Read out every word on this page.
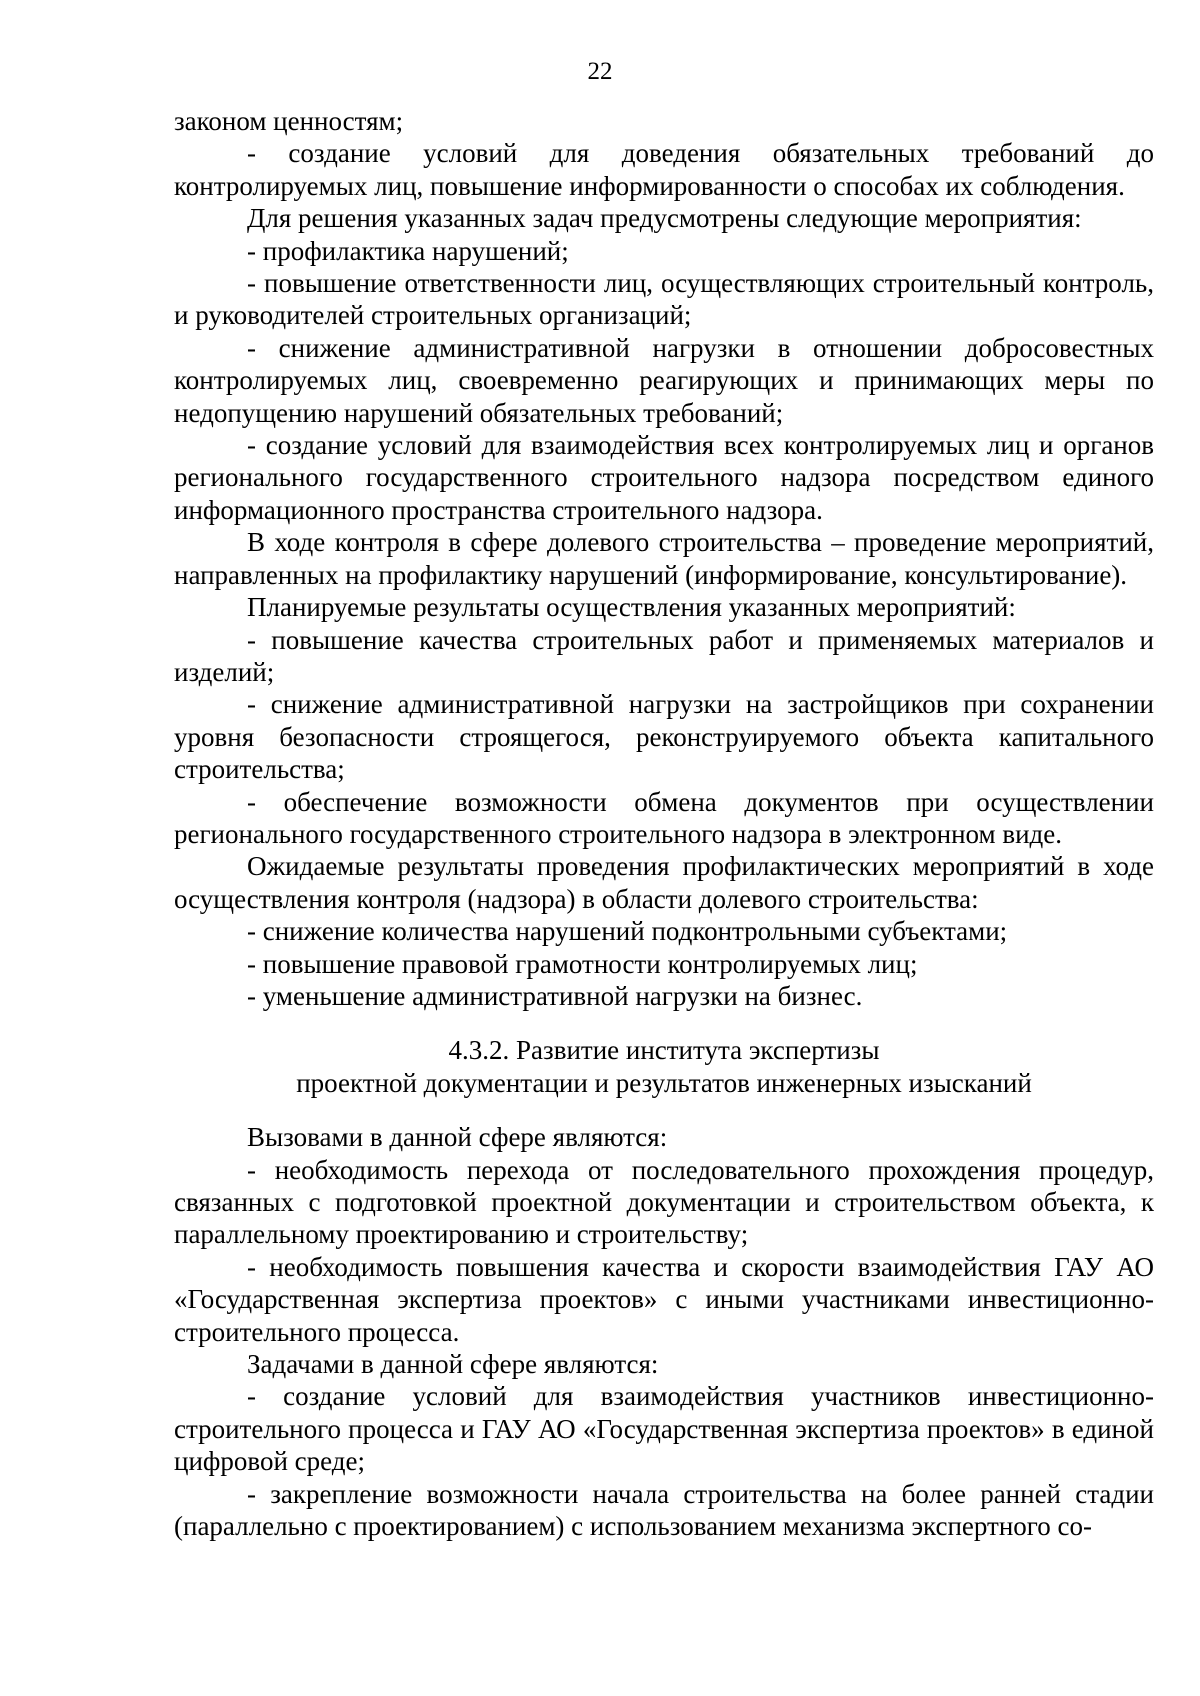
22

законом ценностям;

- создание условий для доведения обязательных требований до контролируемых лиц, повышение информированности о способах их соблюдения.

Для решения указанных задач предусмотрены следующие мероприятия:

- профилактика нарушений;

- повышение ответственности лиц, осуществляющих строительный контроль, и руководителей строительных организаций;

- снижение административной нагрузки в отношении добросовестных контролируемых лиц, своевременно реагирующих и принимающих меры по недопущению нарушений обязательных требований;

- создание условий для взаимодействия всех контролируемых лиц и органов регионального государственного строительного надзора посредством единого информационного пространства строительного надзора.

В ходе контроля в сфере долевого строительства – проведение мероприятий, направленных на профилактику нарушений (информирование, консультирование).

Планируемые результаты осуществления указанных мероприятий:

- повышение качества строительных работ и применяемых материалов и изделий;

- снижение административной нагрузки на застройщиков при сохранении уровня безопасности строящегося, реконструируемого объекта капитального строительства;

- обеспечение возможности обмена документов при осуществлении регионального государственного строительного надзора в электронном виде.

Ожидаемые результаты проведения профилактических мероприятий в ходе осуществления контроля (надзора) в области долевого строительства:

- снижение количества нарушений подконтрольными субъектами;

- повышение правовой грамотности контролируемых лиц;

- уменьшение административной нагрузки на бизнес.

4.3.2. Развитие института экспертизы
проектной документации и результатов инженерных изысканий

Вызовами в данной сфере являются:

- необходимость перехода от последовательного прохождения процедур, связанных с подготовкой проектной документации и строительством объекта, к параллельному проектированию и строительству;

- необходимость повышения качества и скорости взаимодействия ГАУ АО «Государственная экспертиза проектов» с иными участниками инвестиционно-строительного процесса.

Задачами в данной сфере являются:

- создание условий для взаимодействия участников инвестиционно-строительного процесса и ГАУ АО «Государственная экспертиза проектов» в единой цифровой среде;

- закрепление возможности начала строительства на более ранней стадии (параллельно с проектированием) с использованием механизма экспертного со-
